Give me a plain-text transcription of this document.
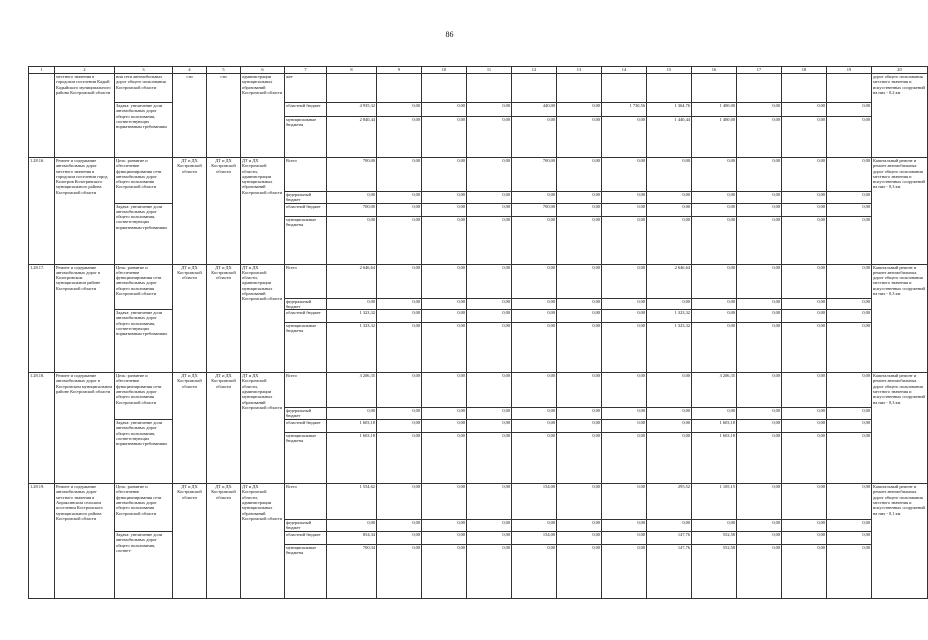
86
1	2	3	4	5	6	7	8	9	10	11	12	13	14	15	16	17	18	19	20
	местного значения в городском поселении Кадый Кадыйского муниципального района Костромской области	ния сети автомобильных дорог общего пользования Костромской области	сти	сти	администрации муниципальных образований Костромской области	жет													дорог общего пользования местного значения и искусственных сооружений на них - 0,2 км
		Задача: увеличение доли автомобильных дорог общего пользования, соответствующих нормативным требованиям				областной бюджет	4 935,32	0,00	0,00	0,00	440,00	0,00	1 730,56	1 364,76	1 400,00	0,00	0,00	0,00	
						муниципальные бюджеты	2 840,44	0,00	0,00	0,00	0,00	0,00	0,00	1 440,44	1 400,00	0,00	0,00	0,00	
1.28.16.	Ремонт и содержание автомобильных дорог местного значения в городском поселении город Кологрив Кологривского муниципального района Костромской области	Цель: развитие и обеспечение функционирования сети автомобильных дорог общего пользования Костромской области	ДТ и ДХ Костромской области	ДТ и ДХ Костромской области	ДТ и ДХ Костромской области, администрации муниципальных образований Костромской области	Всего	700,00	0,00	0,00	0,00	700,00	0,00	0,00	0,00	0,00	0,00	0,00	0,00	Капитальный ремонт и ремонт автомобильных дорог общего пользования местного значения и искусственных сооружений на них - 0,3 км
						федеральный бюджет	0,00	0,00	0,00	0,00	0,00	0,00	0,00	0,00	0,00	0,00	0,00	0,00	
		Задача: увеличение доли автомобильных дорог общего пользования, соответствующих нормативным требованиям				областной бюджет	700,00	0,00	0,00	0,00	700,00	0,00	0,00	0,00	0,00	0,00	0,00	0,00	
						муниципальные бюджеты	0,00	0,00	0,00	0,00	0,00	0,00	0,00	0,00	0,00	0,00	0,00	0,00	
1.28.17.	Ремонт и содержание автомобильных дорог в Кологривском муниципальном районе Костромской области	Цель: развитие и обеспечение функционирования сети автомобильных дорог общего пользования Костромской области	ДТ и ДХ Костромской области	ДТ и ДХ Костромской области	ДТ и ДХ Костромской области, администрации муниципальных образований Костромской области	Всего	2 646,64	0,00	0,00	0,00	0,00	0,00	0,00	2 646,64	0,00	0,00	0,00	0,00	Капитальный ремонт и ремонт автомобильных дорог общего пользования местного значения и искусственных сооружений на них - 0,3 км
						федеральный бюджет	0,00	0,00	0,00	0,00	0,00	0,00	0,00	0,00	0,00	0,00	0,00	0,00	
		Задача: увеличение доли автомобильных дорог общего пользования, соответствующих нормативным требованиям				областной бюджет	1 323,32	0,00	0,00	0,00	0,00	0,00	0,00	1 323,32	0,00	0,00	0,00	0,00	
						муниципальные бюджеты	1 323,32	0,00	0,00	0,00	0,00	0,00	0,00	1 323,32	0,00	0,00	0,00	0,00	
1.28.18.	Ремонт и содержание автомобильных дорог в Костромском муниципальном районе Костромской области	Цель: развитие и обеспечение функционирования сети автомобильных дорог общего пользования Костромской области	ДТ и ДХ Костромской области	ДТ и ДХ Костромской области	ДТ и ДХ Костромской области, администрации муниципальных образований Костромской области	Всего	3 206,35	0,00	0,00	0,00	0,00	0,00	0,00	0,00	3 206,35	0,00	0,00	0,00	Капитальный ремонт и ремонт автомобильных дорог общего пользования местного значения и искусственных сооружений на них - 0,3 км
						федеральный бюджет	0,00	0,00	0,00	0,00	0,00	0,00	0,00	0,00	0,00	0,00	0,00	0,00	
		Задача: увеличение доли автомобильных дорог общего пользования, соответствующих нормативным требованиям				областной бюджет	1 603,18	0,00	0,00	0,00	0,00	0,00	0,00	0,00	1 603,18	0,00	0,00	0,00	
						муниципальные бюджеты	1 603,18	0,00	0,00	0,00	0,00	0,00	0,00	0,00	1 603,18	0,00	0,00	0,00	
1.28.19.	Ремонт и содержание автомобильных дорог местного значения в Апраксинском сельском поселении Костромского муниципального района Костромской области	Цель: развитие и обеспечение функционирования сети автомобильных дорог общего пользования Костромской области	ДТ и ДХ Костромской области	ДТ и ДХ Костромской области	ДТ и ДХ Костромской области, администрации муниципальных образований Костромской области	Всего	1 554,62	0,00	0,00	0,00	154,00	0,00	0,00	295,52	1 105,15	0,00	0,00	0,00	Капитальный ремонт и ремонт автомобильных дорог общего пользования местного значения и искусственных сооружений на них - 0,1 км
						федеральный бюджет	0,00	0,00	0,00	0,00	0,00	0,00	0,00	0,00	0,00	0,00	0,00	0,00	
		Задача: увеличение доли автомобильных дорог общего пользования, соответ-				областной бюджет	854,34	0,00	0,00	0,00	154,00	0,00	0,00	147,76	552,58	0,00	0,00	0,00	
						муниципальные бюджеты	700,34	0,00	0,00	0,00	0,00	0,00	0,00	147,76	552,58	0,00	0,00	0,00	
